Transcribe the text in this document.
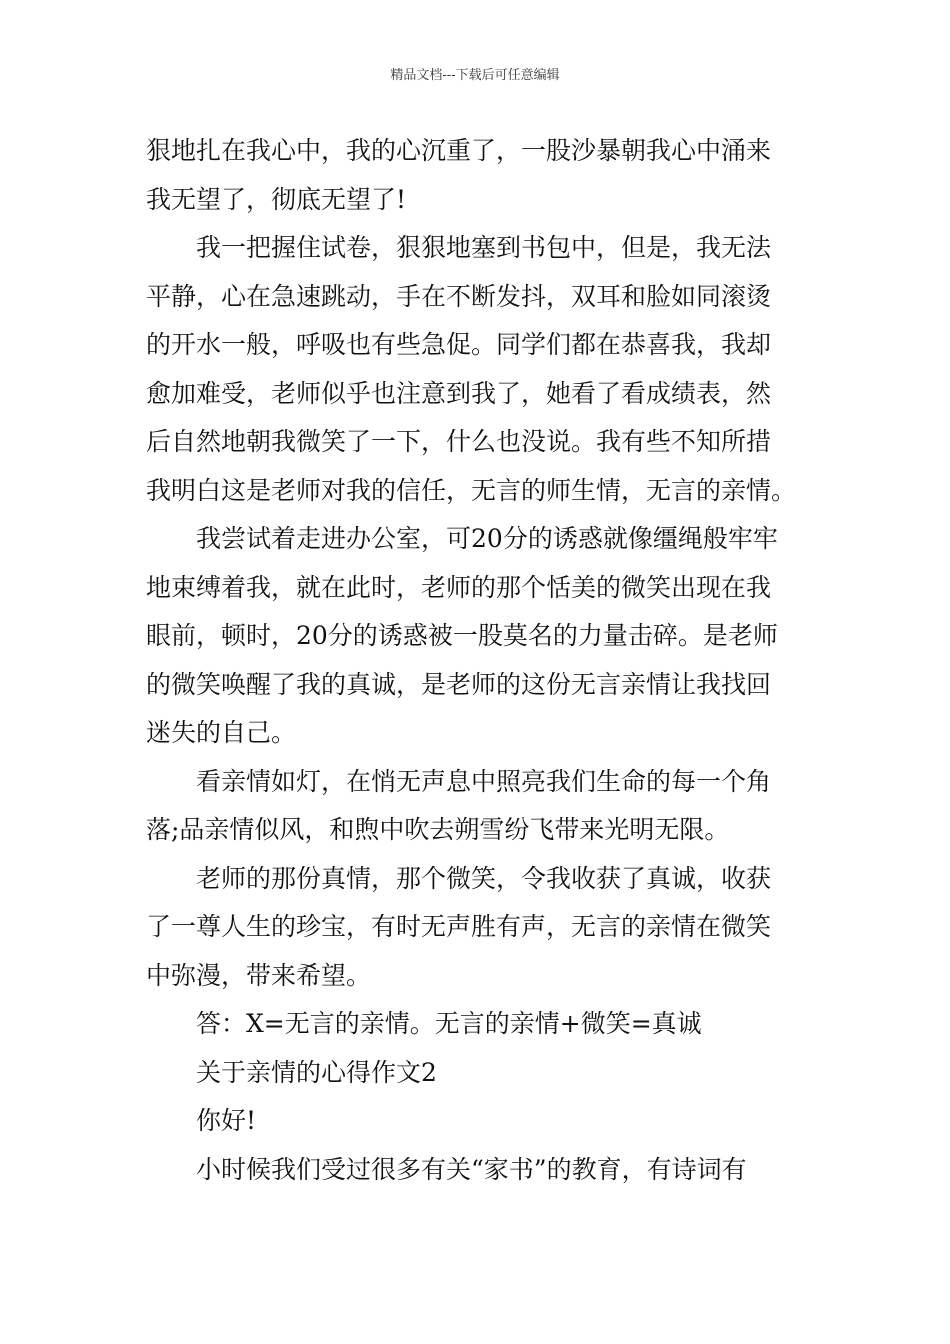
精品文档---下载后可任意编辑
狠地扎在我心中，我的心沉重了，一股沙暴朝我心中涌来
我无望了，彻底无望了!
我一把握住试卷，狠狠地塞到书包中，但是，我无法
平静，心在急速跳动，手在不断发抖，双耳和脸如同滚烫
的开水一般，呼吸也有些急促。同学们都在恭喜我，我却
愈加难受，老师似乎也注意到我了，她看了看成绩表，然
后自然地朝我微笑了一下，什么也没说。我有些不知所措
我明白这是老师对我的信任，无言的师生情，无言的亲情。
我尝试着走进办公室，可20分的诱惑就像缰绳般牢牢
地束缚着我，就在此时，老师的那个恬美的微笑出现在我
眼前，顿时，20分的诱惑被一股莫名的力量击碎。是老师
的微笑唤醒了我的真诚，是老师的这份无言亲情让我找回
迷失的自己。
看亲情如灯，在悄无声息中照亮我们生命的每一个角
落;品亲情似风，和煦中吹去朔雪纷飞带来光明无限。
老师的那份真情，那个微笑，令我收获了真诚，收获
了一尊人生的珍宝，有时无声胜有声，无言的亲情在微笑
中弥漫，带来希望。
答：X=无言的亲情。无言的亲情+微笑=真诚
关于亲情的心得作文2
你好!
小时候我们受过很多有关“家书”的教育，有诗词有
